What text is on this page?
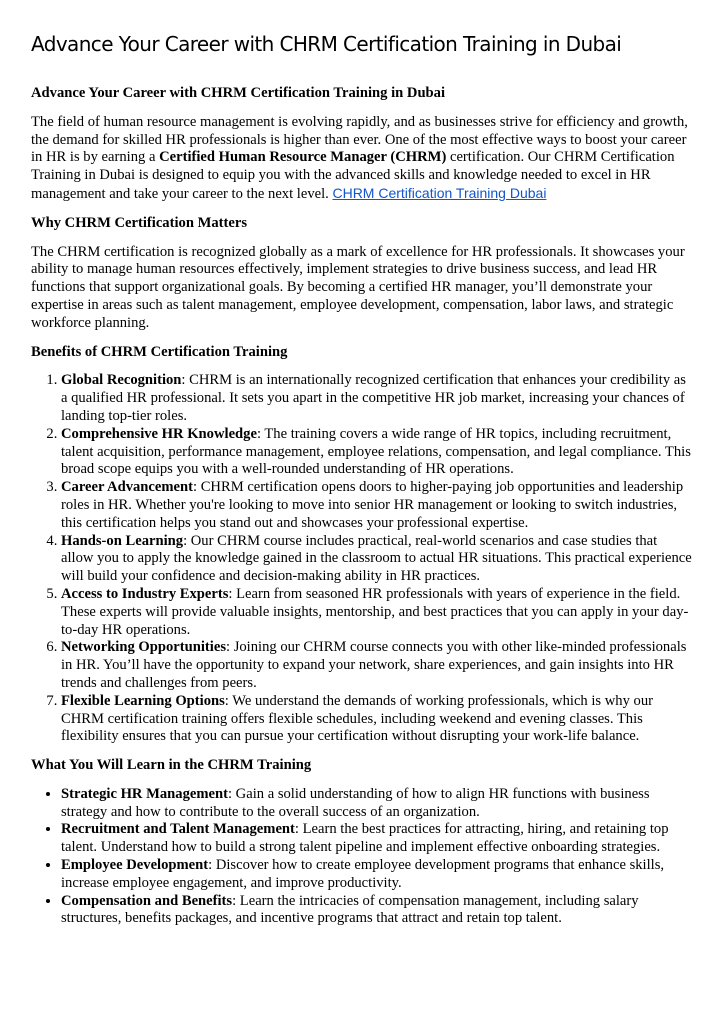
Advance Your Career with CHRM Certification Training in Dubai
Advance Your Career with CHRM Certification Training in Dubai

The field of human resource management is evolving rapidly, and as businesses strive for efficiency and growth, the demand for skilled HR professionals is higher than ever. One of the most effective ways to boost your career in HR is by earning a Certified Human Resource Manager (CHRM) certification. Our CHRM Certification Training in Dubai is designed to equip you with the advanced skills and knowledge needed to excel in HR management and take your career to the next level. CHRM Certification Training Dubai

Why CHRM Certification Matters

The CHRM certification is recognized globally as a mark of excellence for HR professionals. It showcases your ability to manage human resources effectively, implement strategies to drive business success, and lead HR functions that support organizational goals. By becoming a certified HR manager, you’ll demonstrate your expertise in areas such as talent management, employee development, compensation, labor laws, and strategic workforce planning.

Benefits of CHRM Certification Training
1. Global Recognition: CHRM is an internationally recognized certification that enhances your credibility as a qualified HR professional. It sets you apart in the competitive HR job market, increasing your chances of landing top-tier roles.
2. Comprehensive HR Knowledge: The training covers a wide range of HR topics, including recruitment, talent acquisition, performance management, employee relations, compensation, and legal compliance. This broad scope equips you with a well-rounded understanding of HR operations.
3. Career Advancement: CHRM certification opens doors to higher-paying job opportunities and leadership roles in HR. Whether you're looking to move into senior HR management or looking to switch industries, this certification helps you stand out and showcases your professional expertise.
4. Hands-on Learning: Our CHRM course includes practical, real-world scenarios and case studies that allow you to apply the knowledge gained in the classroom to actual HR situations. This practical experience will build your confidence and decision-making ability in HR practices.
5. Access to Industry Experts: Learn from seasoned HR professionals with years of experience in the field. These experts will provide valuable insights, mentorship, and best practices that you can apply in your day-to-day HR operations.
6. Networking Opportunities: Joining our CHRM course connects you with other like-minded professionals in HR. You’ll have the opportunity to expand your network, share experiences, and gain insights into HR trends and challenges from peers.
7. Flexible Learning Options: We understand the demands of working professionals, which is why our CHRM certification training offers flexible schedules, including weekend and evening classes. This flexibility ensures that you can pursue your certification without disrupting your work-life balance.
What You Will Learn in the CHRM Training
• Strategic HR Management: Gain a solid understanding of how to align HR functions with business strategy and how to contribute to the overall success of an organization.
• Recruitment and Talent Management: Learn the best practices for attracting, hiring, and retaining top talent. Understand how to build a strong talent pipeline and implement effective onboarding strategies.
• Employee Development: Discover how to create employee development programs that enhance skills, increase employee engagement, and improve productivity.
• Compensation and Benefits: Learn the intricacies of compensation management, including salary structures, benefits packages, and incentive programs that attract and retain top talent.
